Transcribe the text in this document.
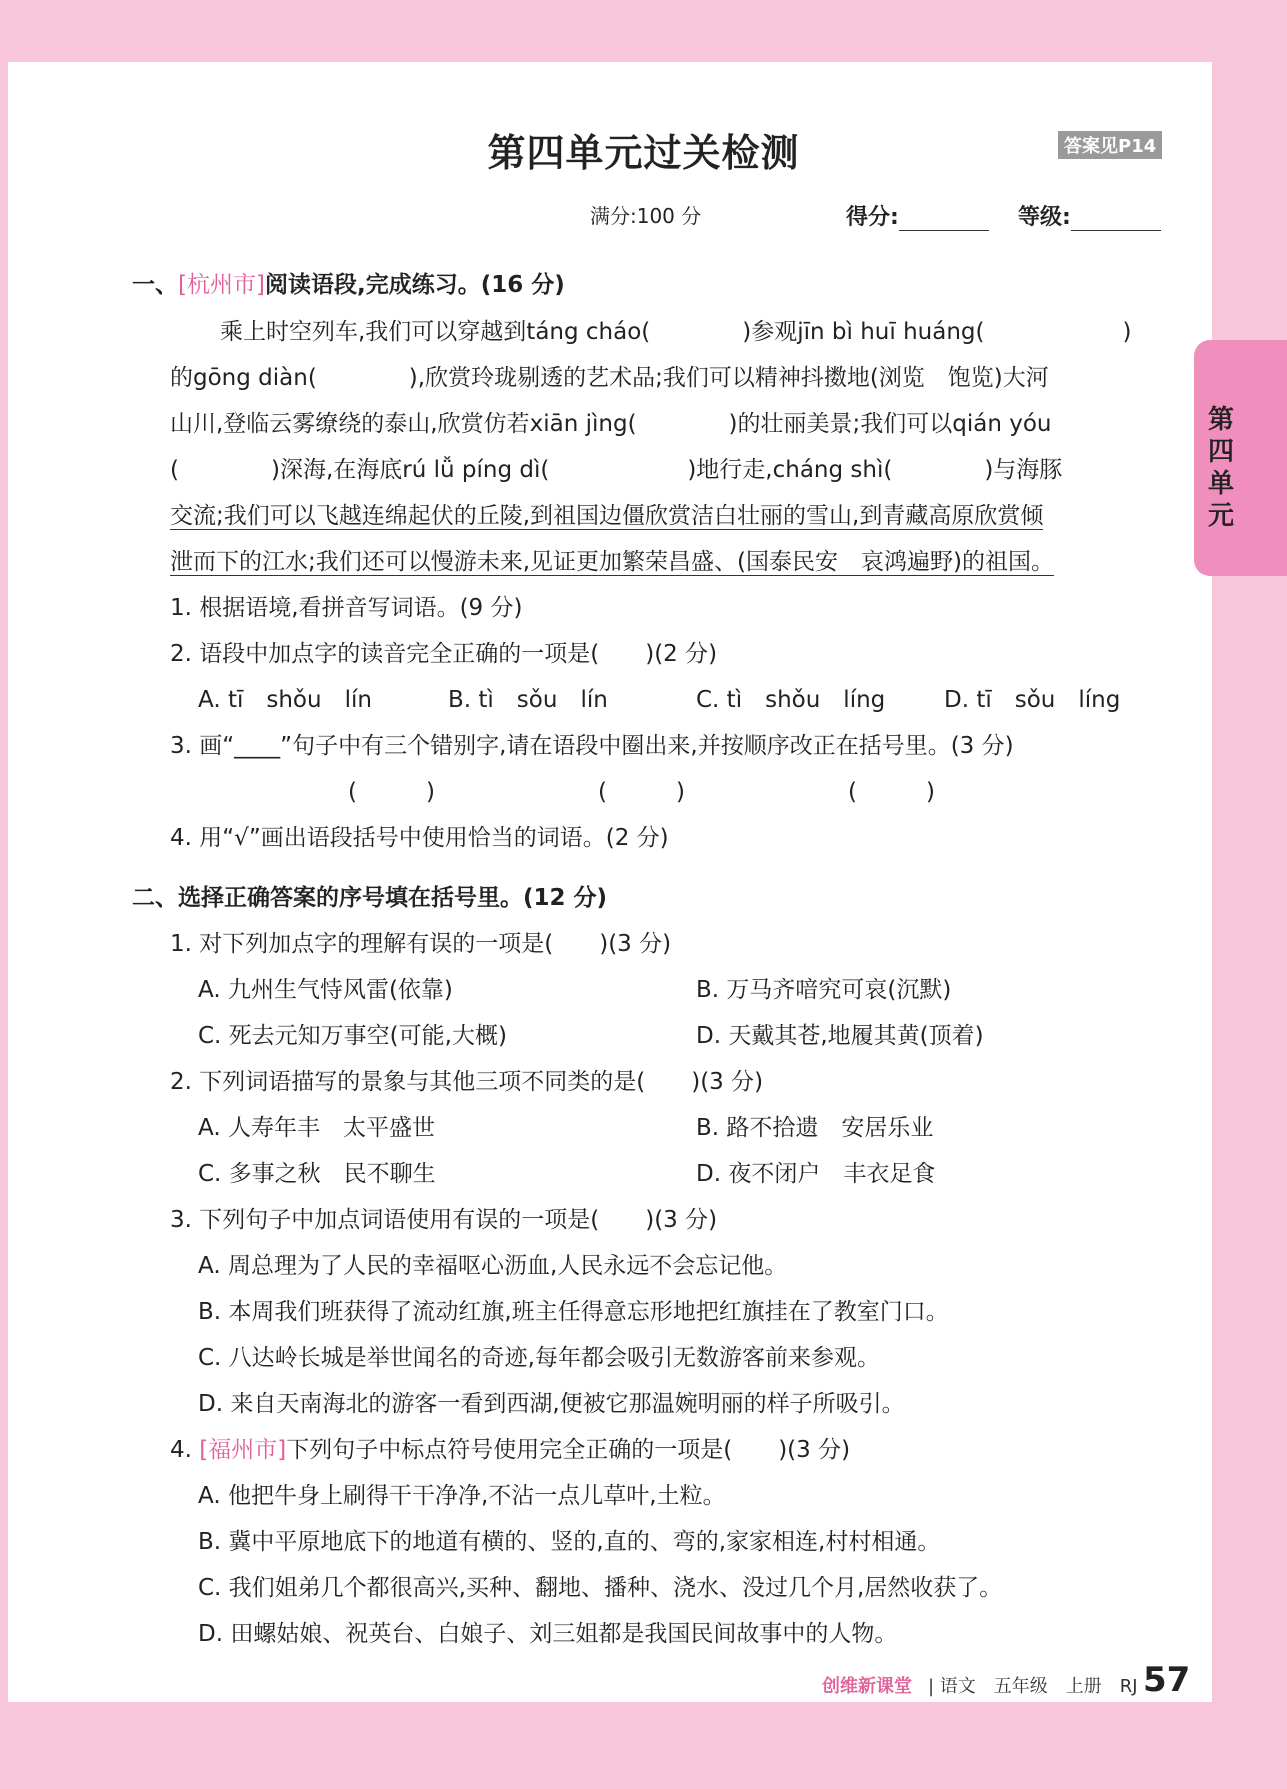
第四单元过关检测	答案见P14
满分:100 分	得分:	等级:
第四单元
一、[杭州市]阅读语段,完成练习。(16 分)
乘上时空列车,我们可以穿越到táng cháo(　　　　)参观jīn bì huī huáng(　　　　　　)
的gōng diàn(　　　　),欣赏玲珑剔透的艺术品;我们可以精神抖擞地(浏览　饱览)大河
山川,登临云雾缭绕的泰山,欣赏仿若xiān jìng(　　　　)的壮丽美景;我们可以qián yóu
(　　　　)深海,在海底rú lǚ píng dì(　　　　　　)地行走,cháng shì(　　　　)与海豚
交流;我们可以飞越连绵起伏的丘陵,到祖国边僵欣赏洁白壮丽的雪山,到青藏高原欣赏倾
泄而下的江水;我们还可以慢游未来,见证更加繁荣昌盛、(国泰民安　哀鸿遍野)的祖国。
1. 根据语境,看拼音写词语。(9 分)
2. 语段中加点字的读音完全正确的一项是(　　)(2 分)
A. tī　shǒu　lín	B. tì　sǒu　lín	C. tì　shǒu　líng	D. tī　sǒu　líng
3. 画“____”句子中有三个错别字,请在语段中圈出来,并按顺序改正在括号里。(3 分)
(　　　)	(　　　)	(　　　)
4. 用“√”画出语段括号中使用恰当的词语。(2 分)
二、选择正确答案的序号填在括号里。(12 分)
1. 对下列加点字的理解有误的一项是(　　)(3 分)
A. 九州生气恃风雷(依靠)	B. 万马齐喑究可哀(沉默)
C. 死去元知万事空(可能,大概)	D. 天戴其苍,地履其黄(顶着)
2. 下列词语描写的景象与其他三项不同类的是(　　)(3 分)
A. 人寿年丰　太平盛世	B. 路不拾遗　安居乐业
C. 多事之秋　民不聊生	D. 夜不闭户　丰衣足食
3. 下列句子中加点词语使用有误的一项是(　　)(3 分)
A. 周总理为了人民的幸福呕心沥血,人民永远不会忘记他。
B. 本周我们班获得了流动红旗,班主任得意忘形地把红旗挂在了教室门口。
C. 八达岭长城是举世闻名的奇迹,每年都会吸引无数游客前来参观。
D. 来自天南海北的游客一看到西湖,便被它那温婉明丽的样子所吸引。
4. [福州市]下列句子中标点符号使用完全正确的一项是(　　)(3 分)
A. 他把牛身上刷得干干净净,不沾一点儿草叶,土粒。
B. 冀中平原地底下的地道有横的、竖的,直的、弯的,家家相连,村村相通。
C. 我们姐弟几个都很高兴,买种、翻地、播种、浇水、没过几个月,居然收获了。
D. 田螺姑娘、祝英台、白娘子、刘三姐都是我国民间故事中的人物。
创维新课堂 | 语文　五年级　上册　RJ 57
